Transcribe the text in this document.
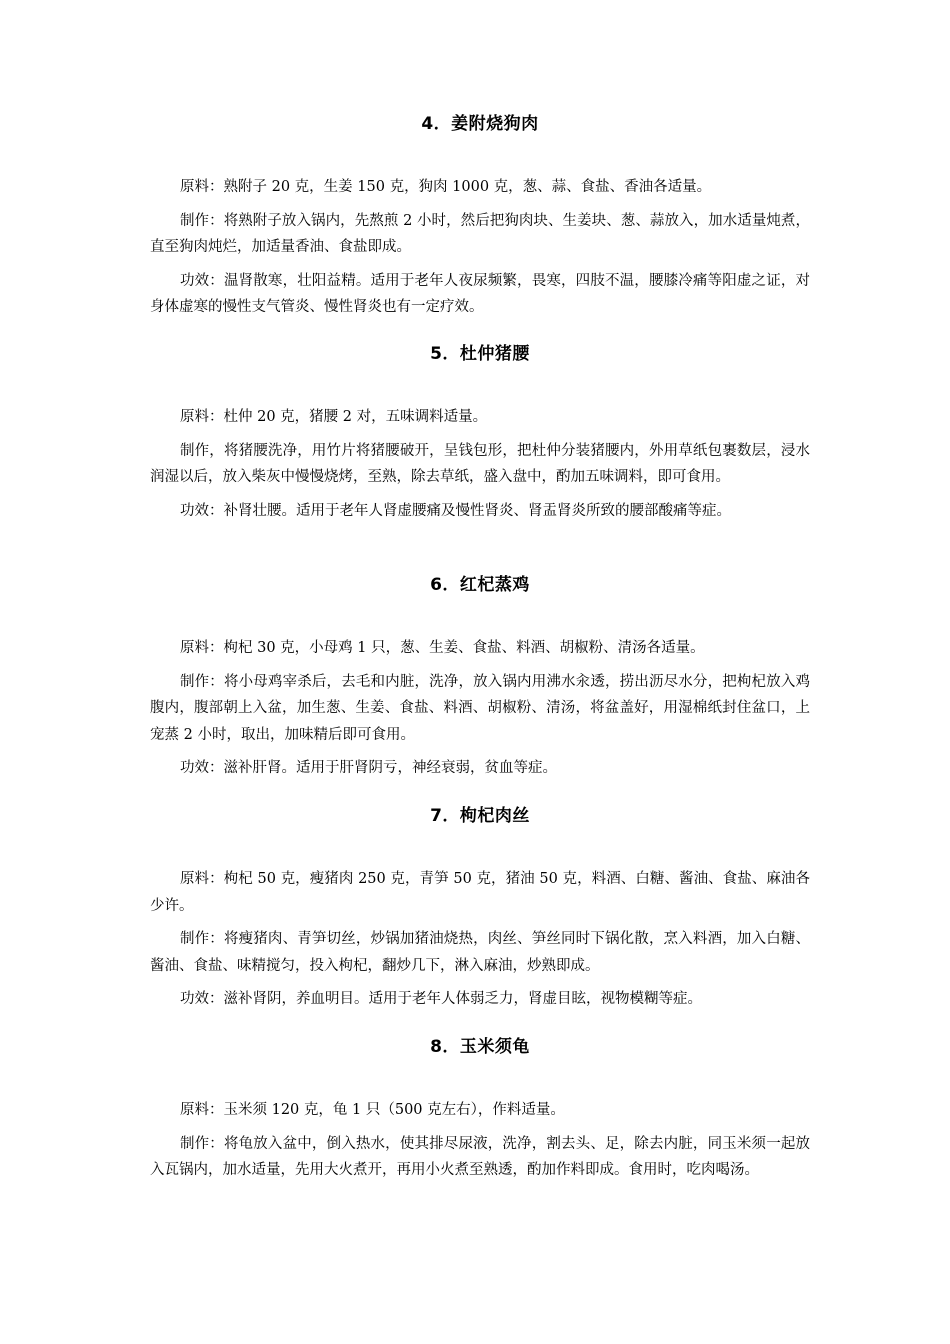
4．姜附烧狗肉

原料：熟附子 20 克，生姜 150 克，狗肉 1000 克，葱、蒜、食盐、香油各适量。

制作：将熟附子放入锅内，先熬煎 2 小时，然后把狗肉块、生姜块、葱、蒜放入，加水适量炖煮，直至狗肉炖烂，加适量香油、食盐即成。

功效：温肾散寒，壮阳益精。适用于老年人夜尿频繁，畏寒，四肢不温，腰膝冷痛等阳虚之证，对身体虚寒的慢性支气管炎、慢性肾炎也有一定疗效。

5．杜仲猪腰

原料：杜仲 20 克，猪腰 2 对，五味调料适量。

制作，将猪腰洗净，用竹片将猪腰破开，呈钱包形，把杜仲分装猪腰内，外用草纸包裹数层，浸水润湿以后，放入柴灰中慢慢烧烤，至熟，除去草纸，盛入盘中，酌加五味调料，即可食用。

功效：补肾壮腰。适用于老年人肾虚腰痛及慢性肾炎、肾盂肾炎所致的腰部酸痛等症。

6．红杞蒸鸡

原料：枸杞 30 克，小母鸡 1 只，葱、生姜、食盐、料酒、胡椒粉、清汤各适量。

制作：将小母鸡宰杀后，去毛和内脏，洗净，放入锅内用沸水汆透，捞出沥尽水分，把枸杞放入鸡腹内，腹部朝上入盆，加生葱、生姜、食盐、料酒、胡椒粉、清汤，将盆盖好，用湿棉纸封住盆口，上宠蒸 2 小时，取出，加味精后即可食用。

功效：滋补肝肾。适用于肝肾阴亏，神经衰弱，贫血等症。

7．枸杞肉丝

原料：枸杞 50 克，瘦猪肉 250 克，青笋 50 克，猪油 50 克，料酒、白糖、酱油、食盐、麻油各少许。

制作：将瘦猪肉、青笋切丝，炒锅加猪油烧热，肉丝、笋丝同时下锅化散，烹入料酒，加入白糖、酱油、食盐、味精搅匀，投入枸杞，翻炒几下，淋入麻油，炒熟即成。

功效：滋补肾阴，养血明目。适用于老年人体弱乏力，肾虚目眩，视物模糊等症。

8．玉米须龟

原料：玉米须 120 克，龟 1 只（500 克左右），作料适量。

制作：将龟放入盆中，倒入热水，使其排尽尿液，洗净，割去头、足，除去内脏，同玉米须一起放入瓦锅内，加水适量，先用大火煮开，再用小火煮至熟透，酌加作料即成。食用时，吃肉喝汤。
